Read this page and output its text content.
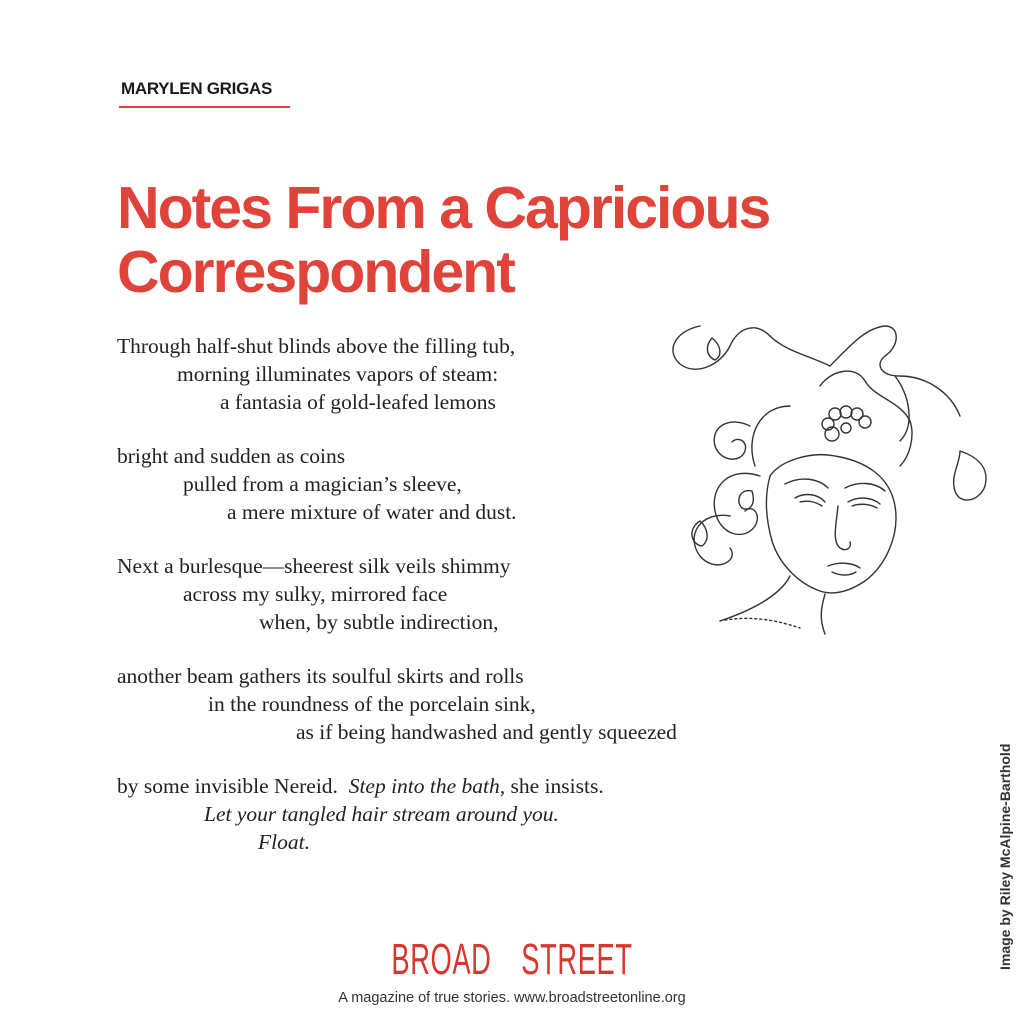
MARYLEN GRIGAS
Notes From a Capricious
Correspondent
Through half-shut blinds above the filling tub,
morning illuminates vapors of steam:
a fantasia of gold-leafed lemons
bright and sudden as coins
pulled from a magician’s sleeve,
a mere mixture of water and dust.
Next a burlesque—sheerest silk veils shimmy
across my sulky, mirrored face
when, by subtle indirection,
another beam gathers its soulful skirts and rolls
in the roundness of the porcelain sink,
as if being handwashed and gently squeezed
by some invisible Nereid. Step into the bath, she insists.
Let your tangled hair stream around you.
Float.	Image by Riley McAlpine-Barthold
BROAD STREET
A magazine of true stories. www.broadstreetonline.org
